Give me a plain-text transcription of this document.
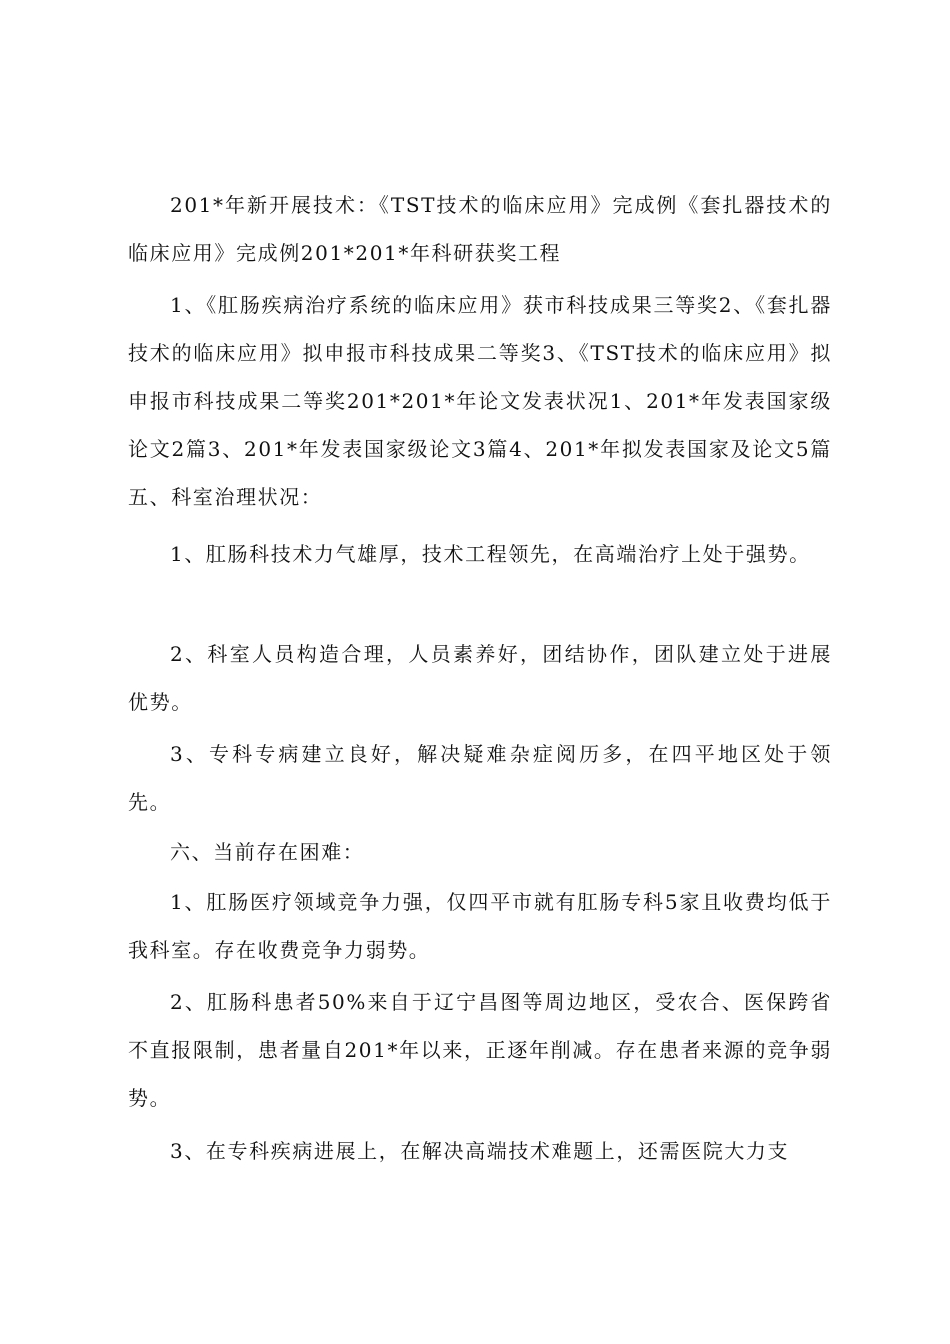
201*年新开展技术：《TST技术的临床应用》完成例《套扎器技术的临床应用》完成例201*201*年科研获奖工程

1、《肛肠疾病治疗系统的临床应用》获市科技成果三等奖2、《套扎器技术的临床应用》拟申报市科技成果二等奖3、《TST技术的临床应用》拟申报市科技成果二等奖201*201*年论文发表状况1、201*年发表国家级论文2篇3、201*年发表国家级论文3篇4、201*年拟发表国家及论文5篇五、科室治理状况：

1、肛肠科技术力气雄厚，技术工程领先，在高端治疗上处于强势。

2、科室人员构造合理，人员素养好，团结协作，团队建立处于进展优势。

3、专科专病建立良好，解决疑难杂症阅历多，在四平地区处于领先。

六、当前存在困难：

1、肛肠医疗领域竞争力强，仅四平市就有肛肠专科5家且收费均低于我科室。存在收费竞争力弱势。

2、肛肠科患者50%来自于辽宁昌图等周边地区，受农合、医保跨省不直报限制，患者量自201*年以来，正逐年削减。存在患者来源的竞争弱势。

3、在专科疾病进展上，在解决高端技术难题上，还需医院大力支
